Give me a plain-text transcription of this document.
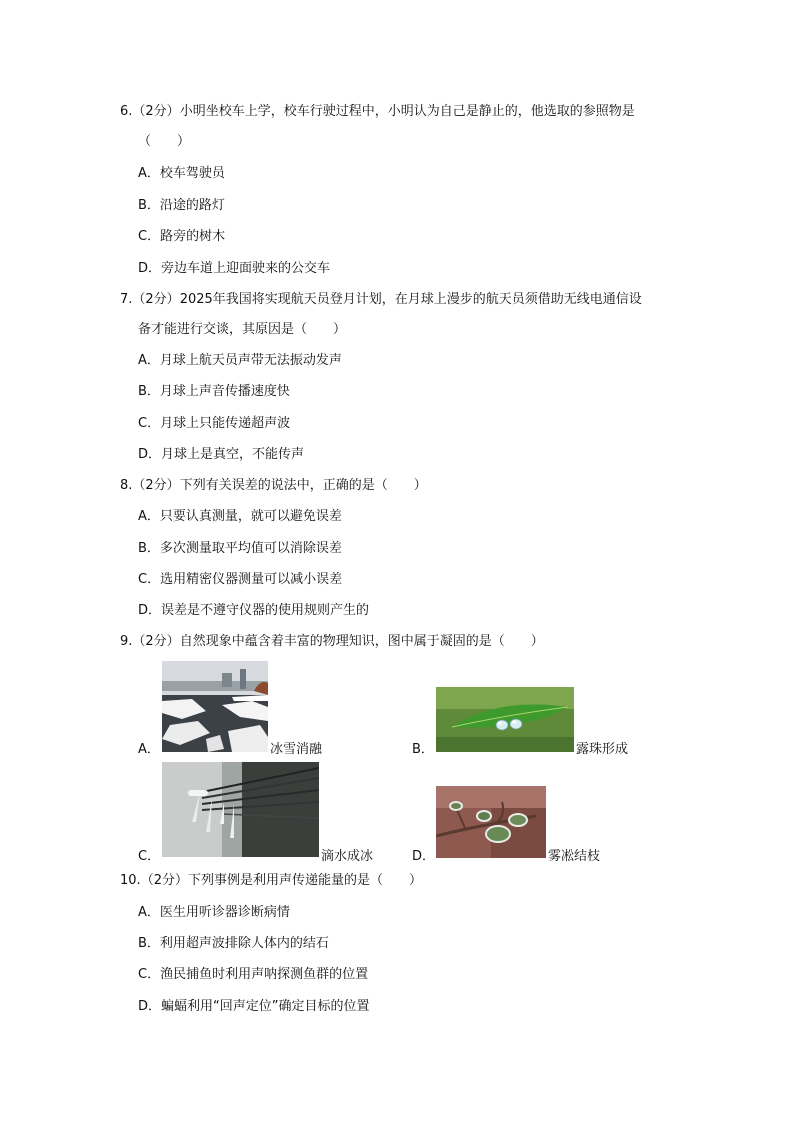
6.（2分）小明坐校车上学，校车行驶过程中，小明认为自己是静止的，他选取的参照物是
（　　）
A．校车驾驶员
B．沿途的路灯
C．路旁的树木
D．旁边车道上迎面驶来的公交车
7.（2分）2025年我国将实现航天员登月计划，在月球上漫步的航天员须借助无线电通信设
备才能进行交谈，其原因是（　　）
A．月球上航天员声带无法振动发声
B．月球上声音传播速度快
C．月球上只能传递超声波
D．月球上是真空，不能传声
8.（2分）下列有关误差的说法中，正确的是（　　）
A．只要认真测量，就可以避免误差
B．多次测量取平均值可以消除误差
C．选用精密仪器测量可以减小误差
D．误差是不遵守仪器的使用规则产生的
9.（2分）自然现象中蕴含着丰富的物理知识，图中属于凝固的是（　　）
A．	冰雪消融	B．	露珠形成
C．	滴水成冰	D．	雾凇结枝
10.（2分）下列事例是利用声传递能量的是（　　）
A．医生用听诊器诊断病情
B．利用超声波排除人体内的结石
C．渔民捕鱼时利用声呐探测鱼群的位置
D．蝙蝠利用“回声定位”确定目标的位置
